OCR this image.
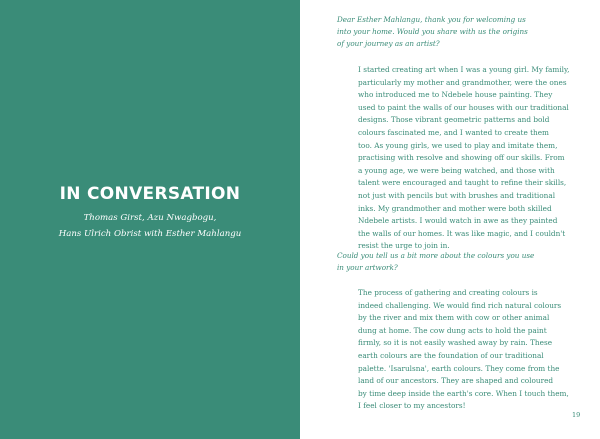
IN CONVERSATION

Thomas Girst, Azu Nwagbogu,
Hans Ulrich Obrist with Esther Mahlangu

Dear Esther Mahlangu, thank you for welcoming us
into your home. Would you share with us the origins
of your journey as an artist?

I started creating art when I was a young girl. My family,
particularly my mother and grandmother, were the ones
who introduced me to Ndebele house painting. They
used to paint the walls of our houses with our traditional
designs. Those vibrant geometric patterns and bold
colours fascinated me, and I wanted to create them
too. As young girls, we used to play and imitate them,
practising with resolve and showing off our skills. From
a young age, we were being watched, and those with
talent were encouraged and taught to refine their skills,
not just with pencils but with brushes and traditional
inks. My grandmother and mother were both skilled
Ndebele artists. I would watch in awe as they painted
the walls of our homes. It was like magic, and I couldn't
resist the urge to join in.

Could you tell us a bit more about the colours you use
in your artwork?

The process of gathering and creating colours is
indeed challenging. We would find rich natural colours
by the river and mix them with cow or other animal
dung at home. The cow dung acts to hold the paint
firmly, so it is not easily washed away by rain. These
earth colours are the foundation of our traditional
palette. 'Isarulsna', earth colours. They come from the
land of our ancestors. They are shaped and coloured
by time deep inside the earth's core. When I touch them,
I feel closer to my ancestors!

19
